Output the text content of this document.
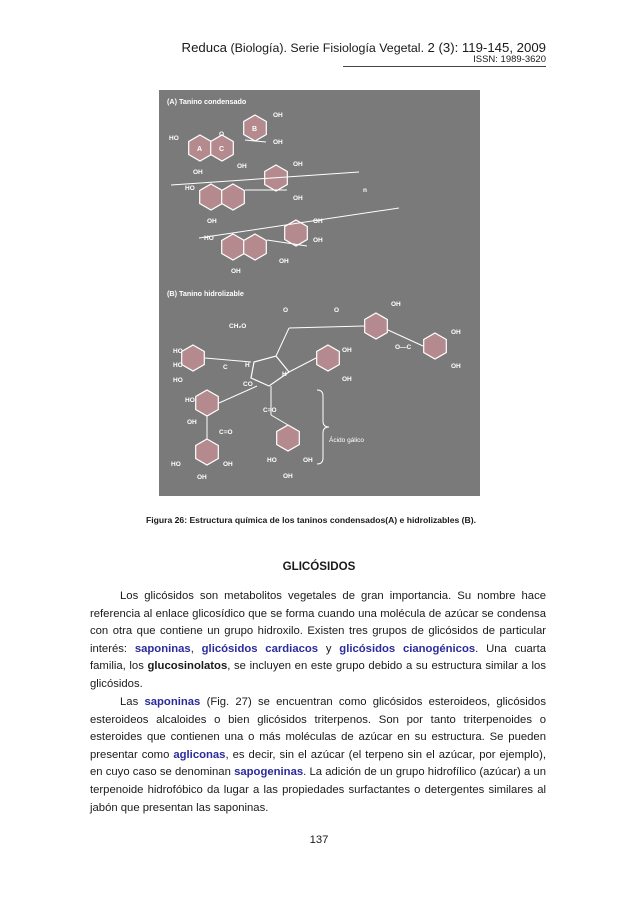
Reduca (Biología). Serie Fisiología Vegetal. 2 (3): 119-145, 2009
ISSN: 1989-3620
(A) Tanino condensado
(B) Tanino hidrolizable
A
B
C
O
HO
OH
OH
OH
OH	OH
OH
HO
OH
HO
OH
OH
OH
OH
n
CH₂O
O	O
OH
OH
OH
O—C
HO
HO
HO
H
H
C
CO
OH
OH
HO
OH
C=O
C=O
Ácido gálico
HO	OH
OH
HO	OH
OH
Figura 26: Estructura química de los taninos condensados(A) e hidrolizables (B).
GLICÓSIDOS

Los glicósidos son metabolitos vegetales de gran importancia. Su nombre hace referencia al enlace glicosídico que se forma cuando una molécula de azúcar se condensa con otra que contiene un grupo hidroxilo. Existen tres grupos de glicósidos de particular interés: saponinas, glicósidos cardiacos y glicósidos cianogénicos. Una cuarta familia, los glucosinolatos, se incluyen en este grupo debido a su estructura similar a los glicósidos.

Las saponinas (Fig. 27) se encuentran como glicósidos esteroideos, glicósidos esteroideos alcaloides o bien glicósidos triterpenos. Son por tanto triterpenoides o esteroides que contienen una o más moléculas de azúcar en su estructura. Se pueden presentar como agliconas, es decir, sin el azúcar (el terpeno sin el azúcar, por ejemplo), en cuyo caso se denominan sapogeninas. La adición de un grupo hidrofílico (azúcar) a un terpenoide hidrofóbico da lugar a las propiedades surfactantes o detergentes similares al jabón que presentan las saponinas.

137
